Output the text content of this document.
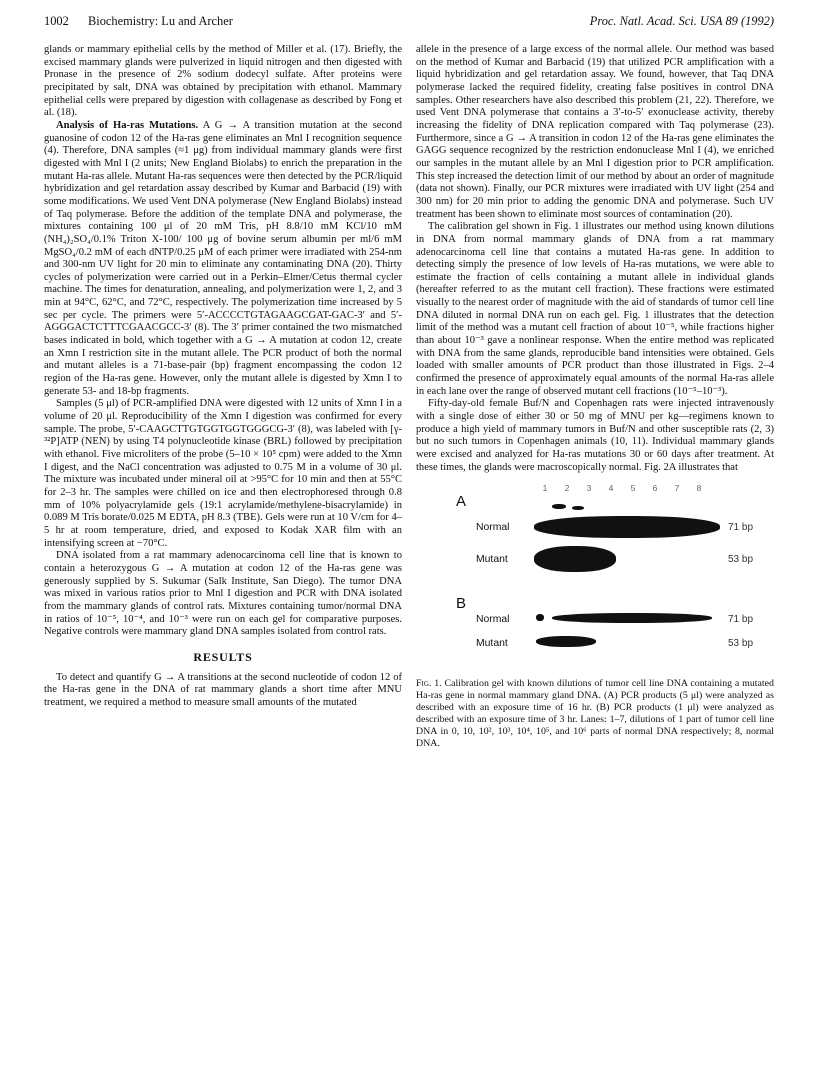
1002 Biochemistry: Lu and Archer	Proc. Natl. Acad. Sci. USA 89 (1992)

glands or mammary epithelial cells by the method of Miller et al. (17). Briefly, the excised mammary glands were pulverized in liquid nitrogen and then digested with Pronase in the presence of 2% sodium dodecyl sulfate. After proteins were precipitated by salt, DNA was obtained by precipitation with ethanol. Mammary epithelial cells were prepared by digestion with collagenase as described by Fong et al. (18).

Analysis of Ha-ras Mutations. A G → A transition mutation at the second guanosine of codon 12 of the Ha-ras gene eliminates an Mnl I recognition sequence (4). Therefore, DNA samples (≈1 μg) from individual mammary glands were first digested with Mnl I (2 units; New England Biolabs) to enrich the preparation in the mutant Ha-ras allele. Mutant Ha-ras sequences were then detected by the PCR/liquid hybridization and gel retardation assay described by Kumar and Barbacid (19) with some modifications. We used Vent DNA polymerase (New England Biolabs) instead of Taq polymerase. Before the addition of the template DNA and polymerase, the mixtures containing 100 μl of 20 mM Tris, pH 8.8/10 mM KCl/10 mM (NH₄)₂SO₄/0.1% Triton X-100/ 100 μg of bovine serum albumin per ml/6 mM MgSO₄/0.2 mM of each dNTP/0.25 μM of each primer were irradiated with 254-nm and 300-nm UV light for 20 min to eliminate any contaminating DNA (20). Thirty cycles of polymerization were carried out in a Perkin–Elmer/Cetus thermal cycler machine. The times for denaturation, annealing, and polymerization were 1, 2, and 3 min at 94°C, 62°C, and 72°C, respectively. The polymerization time increased by 5 sec per cycle. The primers were 5′-ACCCCTGTAGAAGCGAT-GAC-3′ and 5′-AGGGACTCTTTCGAACGCC-3′ (8). The 3′ primer contained the two mismatched bases indicated in bold, which together with a G → A mutation at codon 12, create an Xmn I restriction site in the mutant allele. The PCR product of both the normal and mutant alleles is a 71-base-pair (bp) fragment encompassing the codon 12 region of the Ha-ras gene. However, only the mutant allele is digested by Xmn I to generate 53- and 18-bp fragments.

Samples (5 μl) of PCR-amplified DNA were digested with 12 units of Xmn I in a volume of 20 μl. Reproducibility of the Xmn I digestion was confirmed for every sample. The probe, 5′-CAAGCTTGTGGTGGTGGGCG-3′ (8), was labeled with [γ-³²P]ATP (NEN) by using T4 polynucleotide kinase (BRL) followed by precipitation with ethanol. Five microliters of the probe (5–10 × 10⁵ cpm) were added to the Xmn I digest, and the NaCl concentration was adjusted to 0.75 M in a volume of 30 μl. The mixture was incubated under mineral oil at >95°C for 10 min and then at 55°C for 2–3 hr. The samples were chilled on ice and then electrophoresed through 0.8 mm of 10% polyacrylamide gels (19:1 acrylamide/methylene-bisacrylamide) in 0.089 M Tris borate/0.025 M EDTA, pH 8.3 (TBE). Gels were run at 10 V/cm for 4–5 hr at room temperature, dried, and exposed to Kodak XAR film with an intensifying screen at −70°C.

DNA isolated from a rat mammary adenocarcinoma cell line that is known to contain a heterozygous G → A mutation at codon 12 of the Ha-ras gene was generously supplied by S. Sukumar (Salk Institute, San Diego). The tumor DNA was mixed in various ratios prior to Mnl I digestion and PCR with DNA isolated from the mammary glands of control rats. Mixtures containing tumor/normal DNA in ratios of 10⁻⁵, 10⁻⁴, and 10⁻³ were run on each gel for comparative purposes. Negative controls were mammary gland DNA samples isolated from control rats.

RESULTS

To detect and quantify G → A transitions at the second nucleotide of codon 12 of the Ha-ras gene in the DNA of rat mammary glands a short time after MNU treatment, we required a method to measure small amounts of the mutated

allele in the presence of a large excess of the normal allele. Our method was based on the method of Kumar and Barbacid (19) that utilized PCR amplification with a liquid hybridization and gel retardation assay. We found, however, that Taq DNA polymerase lacked the required fidelity, creating false positives in control DNA samples. Other researchers have also described this problem (21, 22). Therefore, we used Vent DNA polymerase that contains a 3′-to-5′ exonuclease activity, thereby increasing the fidelity of DNA replication compared with Taq polymerase (23). Furthermore, since a G → A transition in codon 12 of the Ha-ras gene eliminates the GAGG sequence recognized by the restriction endonuclease Mnl I (4), we enriched our samples in the mutant allele by an Mnl I digestion prior to PCR amplification. This step increased the detection limit of our method by about an order of magnitude (data not shown). Finally, our PCR mixtures were irradiated with UV light (254 and 300 nm) for 20 min prior to adding the genomic DNA and polymerase. Such UV treatment has been shown to eliminate most sources of contamination (20).

The calibration gel shown in Fig. 1 illustrates our method using known dilutions in DNA from normal mammary glands of DNA from a rat mammary adenocarcinoma cell line that contains a mutated Ha-ras gene. In addition to detecting simply the presence of low levels of Ha-ras mutations, we were able to estimate the fraction of cells containing a mutant allele in individual glands (hereafter referred to as the mutant cell fraction). These fractions were estimated visually to the nearest order of magnitude with the aid of standards of tumor cell line DNA diluted in normal DNA run on each gel. Fig. 1 illustrates that the detection limit of the method was a mutant cell fraction of about 10⁻⁵, while fractions higher than about 10⁻³ gave a nonlinear response. When the entire method was replicated with DNA from the same glands, reproducible band intensities were obtained. Gels loaded with smaller amounts of PCR product than those illustrated in Figs. 2–4 confirmed the presence of approximately equal amounts of the normal Ha-ras allele in each lane over the range of observed mutant cell fractions (10⁻⁵–10⁻³).

Fifty-day-old female Buf/N and Copenhagen rats were injected intravenously with a single dose of either 30 or 50 mg of MNU per kg—regimens known to produce a high yield of mammary tumors in Buf/N and other susceptible rats (2, 3) but no such tumors in Copenhagen animals (10, 11). Individual mammary glands were excised and analyzed for Ha-ras mutations 30 or 60 days after treatment. At these times, the glands were macroscopically normal. Fig. 2A illustrates that

1 2 3 4 5 6 7 8
A
Normal
Mutant
71 bp
53 bp
B
Normal
Mutant
71 bp
53 bp
Fig. 1. Calibration gel with known dilutions of tumor cell line DNA containing a mutated Ha-ras gene in normal mammary gland DNA. (A) PCR products (5 μl) were analyzed as described with an exposure time of 16 hr. (B) PCR products (1 μl) were analyzed as described with an exposure time of 3 hr. Lanes: 1–7, dilutions of 1 part of tumor cell line DNA in 0, 10, 10², 10³, 10⁴, 10⁵, and 10⁶ parts of normal DNA respectively; 8, normal DNA.
